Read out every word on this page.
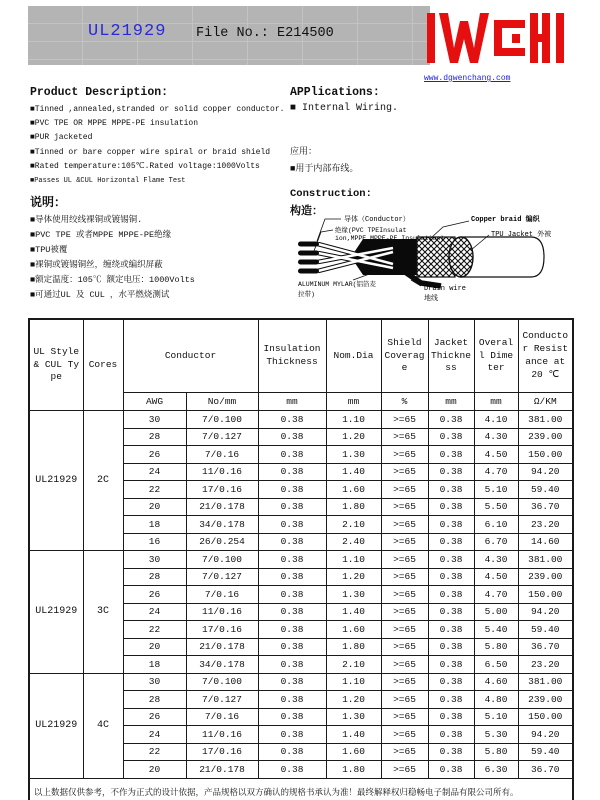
UL21929 File No.: E214500
www.dgwenchang.com
Product Description:
■Tinned ,annealed,stranded or solid copper conductor.
■PVC TPE OR MPPE MPPE-PE insulation
■PUR jacketed
■Tinned or bare copper wire spiral or braid shield
■Rated temperature:105℃.Rated voltage:1000Volts
■Passes UL &CUL Horizontal Flame Test
说明：
■导体使用绞线裸铜或镀锡铜.
■PVC TPE 或者MPPE MPPE-PE绝缘
■TPU被覆
■裸铜或镀锡铜丝，缠绕或编织屏蔽
■额定温度：105℃ 额定电压：1000Volts
■可通过UL 及 CUL ，水平燃烧测试
APPlications:
■ Internal Wiring.
应用：
■用于内部布线。
Construction:
构造：
导体（Conductor）
绝缘(PVC TPEInsulat
ion,MPPE MPPE-PE Insulation)
Copper braid 编织
TPU Jacket 外被
ALUMINUM MYLAR(铝箔麦
拉带)
Drain wire
地线
UL Style& CUL Type	Cores	Conductor		Insulation Thickness	Nom.Dia	Shield Coverage	Jacket Thickness	Overall Dimeter	Conductor Resistance at 20 ℃
		AWG	No/mm	mm	mm	%	mm	mm	Ω/KM
UL21929	2C	30	7/0.100	0.38	1.10	>=65	0.38	4.10	381.00
		28	7/0.127	0.38	1.20	>=65	0.38	4.30	239.00
		26	7/0.16	0.38	1.30	>=65	0.38	4.50	150.00
		24	11/0.16	0.38	1.40	>=65	0.38	4.70	94.20
		22	17/0.16	0.38	1.60	>=65	0.38	5.10	59.40
		20	21/0.178	0.38	1.80	>=65	0.38	5.50	36.70
		18	34/0.178	0.38	2.10	>=65	0.38	6.10	23.20
		16	26/0.254	0.38	2.40	>=65	0.38	6.70	14.60
UL21929	3C	30	7/0.100	0.38	1.10	>=65	0.38	4.30	381.00
		28	7/0.127	0.38	1.20	>=65	0.38	4.50	239.00
		26	7/0.16	0.38	1.30	>=65	0.38	4.70	150.00
		24	11/0.16	0.38	1.40	>=65	0.38	5.00	94.20
		22	17/0.16	0.38	1.60	>=65	0.38	5.40	59.40
		20	21/0.178	0.38	1.80	>=65	0.38	5.80	36.70
		18	34/0.178	0.38	2.10	>=65	0.38	6.50	23.20
UL21929	4C	30	7/0.100	0.38	1.10	>=65	0.38	4.60	381.00
		28	7/0.127	0.38	1.20	>=65	0.38	4.80	239.00
		26	7/0.16	0.38	1.30	>=65	0.38	5.10	150.00
		24	11/0.16	0.38	1.40	>=65	0.38	5.30	94.20
		22	17/0.16	0.38	1.60	>=65	0.38	5.80	59.40
		20	21/0.178	0.38	1.80	>=65	0.38	6.30	36.70
以上数据仅供参考，不作为正式的设计依据，产品规格以双方确认的规格书承认为准！最终解释权归稳畅电子制品有限公司所有。									
